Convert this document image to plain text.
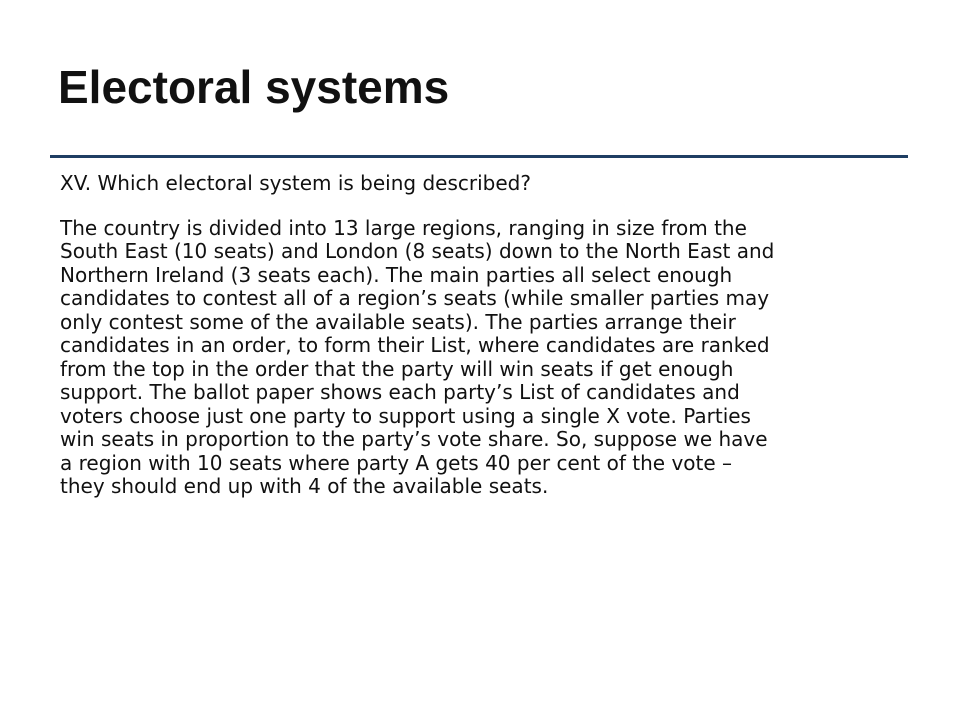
Electoral systems

XV. Which electoral system is being described?

The country is divided into 13 large regions, ranging in size from the
South East (10 seats) and London (8 seats) down to the North East and
Northern Ireland (3 seats each). The main parties all select enough
candidates to contest all of a region’s seats (while smaller parties may
only contest some of the available seats). The parties arrange their
candidates in an order, to form their List, where candidates are ranked
from the top in the order that the party will win seats if get enough
support. The ballot paper shows each party’s List of candidates and
voters choose just one party to support using a single X vote. Parties
win seats in proportion to the party’s vote share. So, suppose we have
a region with 10 seats where party A gets 40 per cent of the vote –
they should end up with 4 of the available seats.
